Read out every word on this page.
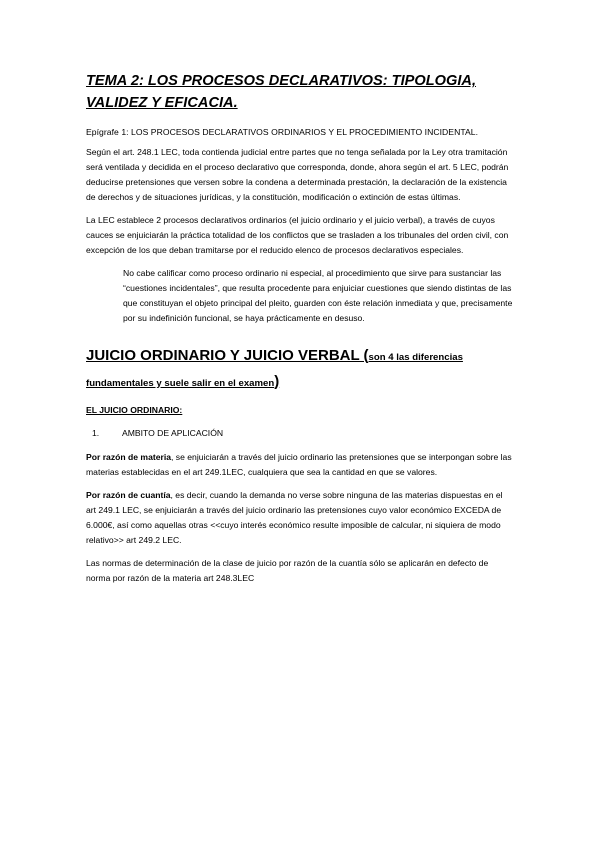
TEMA 2: LOS PROCESOS DECLARATIVOS: TIPOLOGIA, VALIDEZ Y EFICACIA.

Epígrafe 1: LOS PROCESOS DECLARATIVOS ORDINARIOS Y EL PROCEDIMIENTO INCIDENTAL.

Según el art. 248.1 LEC, toda contienda judicial entre partes que no tenga señalada por la Ley otra tramitación será ventilada y decidida en el proceso declarativo que corresponda, donde, ahora según el art. 5 LEC, podrán deducirse pretensiones que versen sobre la condena a determinada prestación, la declaración de la existencia de derechos y de situaciones jurídicas, y la constitución, modificación o extinción de estas últimas.

La LEC establece 2 procesos declarativos ordinarios (el juicio ordinario y el juicio verbal), a través de cuyos cauces se enjuiciarán la práctica totalidad de los conflictos que se trasladen a los tribunales del orden civil, con excepción de los que deban tramitarse por el reducido elenco de procesos declarativos especiales.

No cabe calificar como proceso ordinario ni especial, al procedimiento que sirve para sustanciar las “cuestiones incidentales”, que resulta procedente para enjuiciar cuestiones que siendo distintas de las que constituyan el objeto principal del pleito, guarden con éste relación inmediata y que, precisamente por su indefinición funcional, se haya prácticamente en desuso.

JUICIO ORDINARIO Y JUICIO VERBAL (son 4 las diferencias fundamentales y suele salir en el examen)
EL JUICIO ORDINARIO:
1.	AMBITO DE APLICACIÓN

Por razón de materia, se enjuiciarán a través del juicio ordinario las pretensiones que se interpongan sobre las materias establecidas en el art 249.1LEC, cualquiera que sea la cantidad en que se valores.

Por razón de cuantía, es decir, cuando la demanda no verse sobre ninguna de las materias dispuestas en el art 249.1 LEC, se enjuiciarán a través del juicio ordinario las pretensiones cuyo valor económico EXCEDA de 6.000€, así como aquellas otras <<cuyo interés económico resulte imposible de calcular, ni siquiera de modo relativo>> art 249.2 LEC.

Las normas de determinación de la clase de juicio por razón de la cuantía sólo se aplicarán en defecto de norma por razón de la materia art 248.3LEC
